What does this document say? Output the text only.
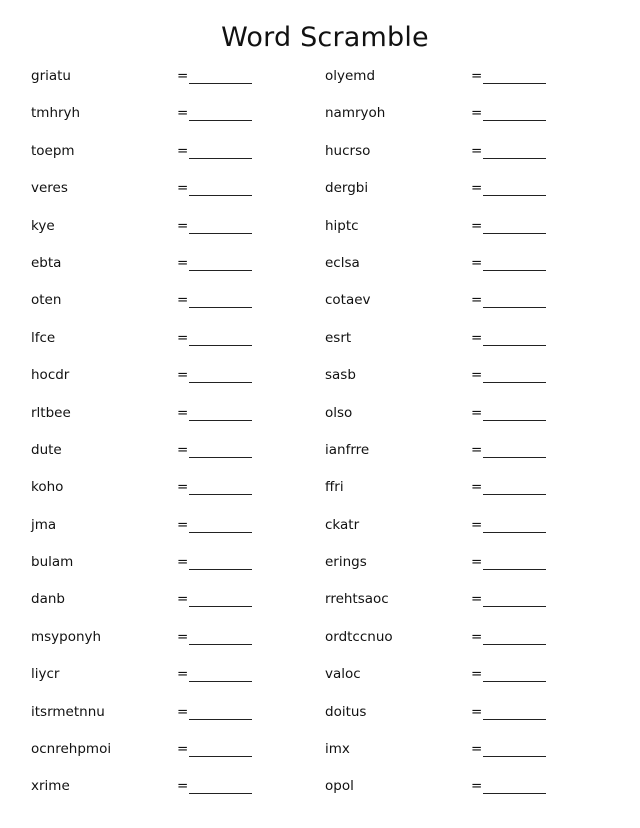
Word Scramble
griatu	=
tmhryh	=
toepm	=
veres	=
kye	=
ebta	=
oten	=
lfce	=
hocdr	=
rltbee	=
dute	=
koho	=
jma	=
bulam	=
danb	=
msyponyh	=
liycr	=
itsrmetnnu	=
ocnrehpmoi	=
xrime	=
olyemd	=
namryoh	=
hucrso	=
dergbi	=
hiptc	=
eclsa	=
cotaev	=
esrt	=
sasb	=
olso	=
ianfrre	=
ffri	=
ckatr	=
erings	=
rrehtsaoc	=
ordtccnuo	=
valoc	=
doitus	=
imx	=
opol	=
